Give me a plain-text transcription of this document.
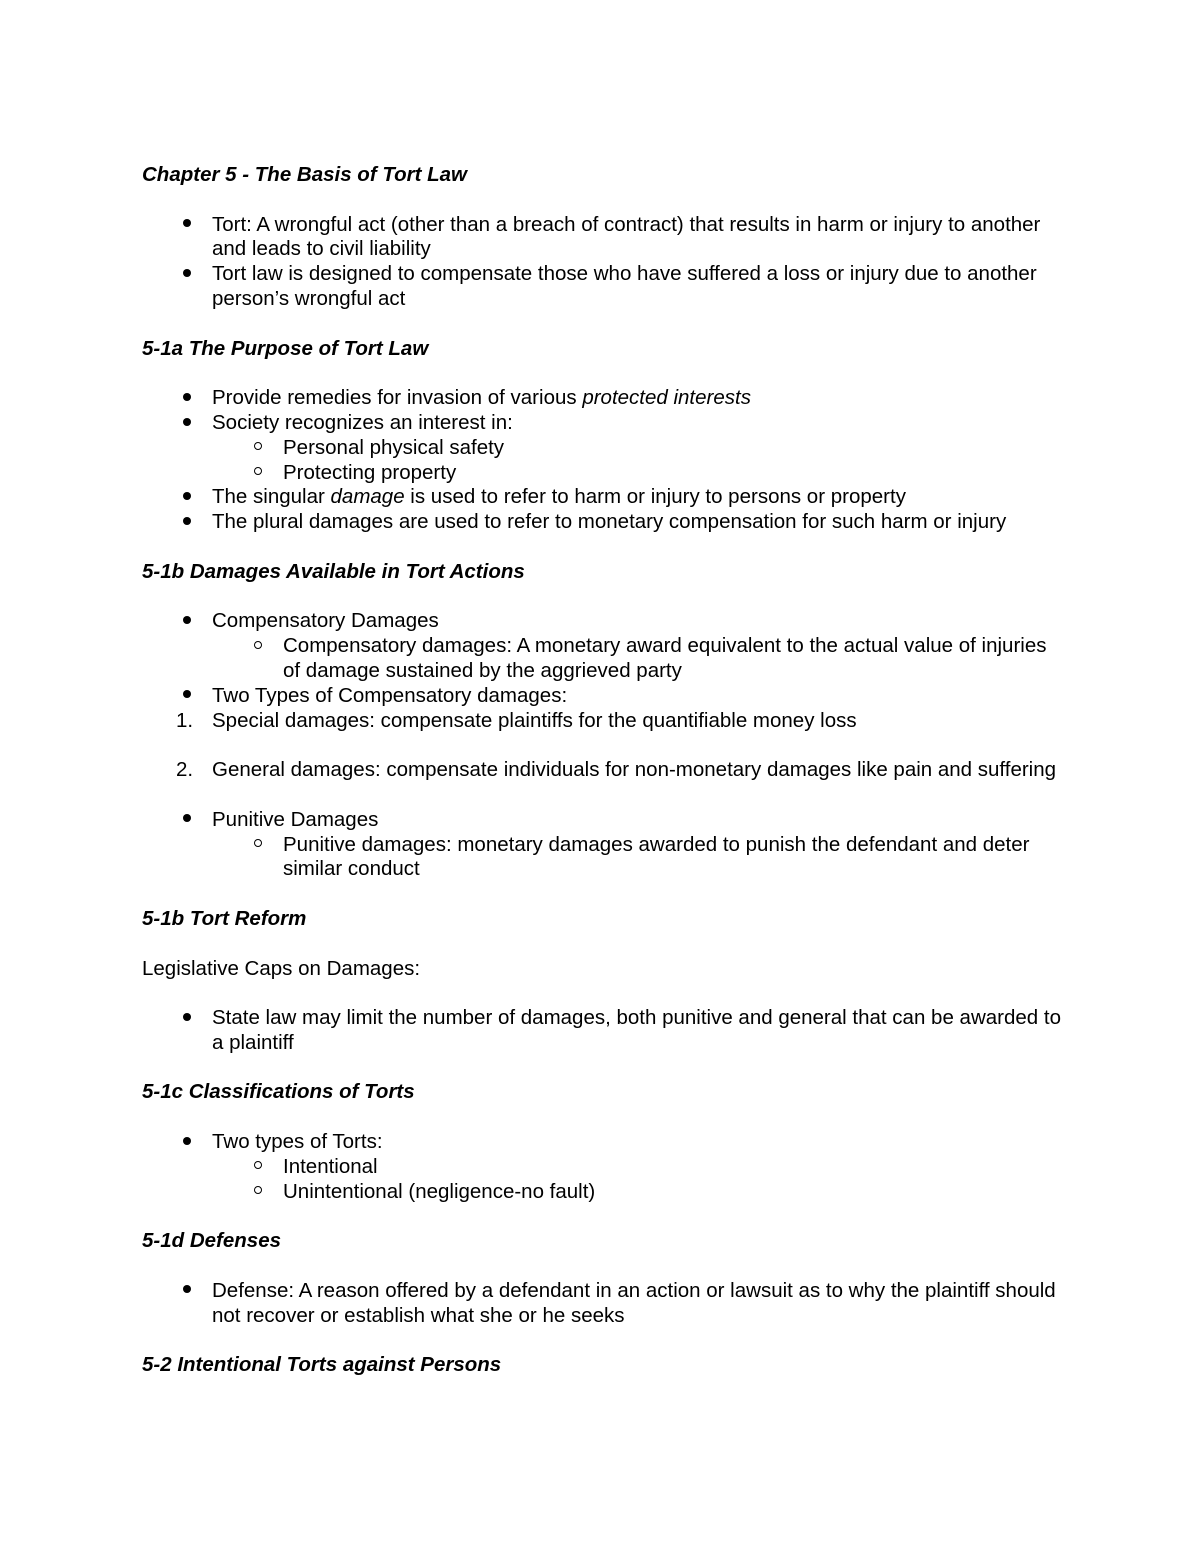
Chapter 5 - The Basis of Tort Law

Tort: A wrongful act (other than a breach of contract) that results in harm or injury to another and leads to civil liability
Tort law is designed to compensate those who have suffered a loss or injury due to another person’s wrongful act

5-1a The Purpose of Tort Law

Provide remedies for invasion of various protected interests
Society recognizes an interest in:
Personal physical safety
Protecting property
The singular damage is used to refer to harm or injury to persons or property
The plural damages are used to refer to monetary compensation for such harm or injury

5-1b Damages Available in Tort Actions

Compensatory Damages
Compensatory damages: A monetary award equivalent to the actual value of injuries of damage sustained by the aggrieved party
Two Types of Compensatory damages:
1. Special damages: compensate plaintiffs for the quantifiable money loss
2. General damages: compensate individuals for non-monetary damages like pain and suffering
Punitive Damages
Punitive damages: monetary damages awarded to punish the defendant and deter similar conduct

5-1b Tort Reform

Legislative Caps on Damages:

State law may limit the number of damages, both punitive and general that can be awarded to a plaintiff

5-1c Classifications of Torts

Two types of Torts:
Intentional
Unintentional (negligence-no fault)

5-1d Defenses

Defense: A reason offered by a defendant in an action or lawsuit as to why the plaintiff should not recover or establish what she or he seeks

5-2 Intentional Torts against Persons
